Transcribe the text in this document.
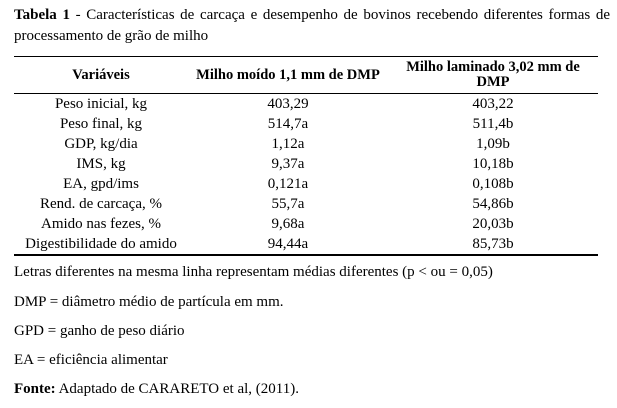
Tabela 1 - Características de carcaça e desempenho de bovinos recebendo diferentes formas de processamento de grão de milho
Variáveis	Milho moído 1,1 mm de DMP	Milho laminado 3,02 mm de DMP
Peso inicial, kg	403,29	403,22
Peso final, kg	514,7a	511,4b
GDP, kg/dia	1,12a	1,09b
IMS, kg	9,37a	10,18b
EA, gpd/ims	0,121a	0,108b
Rend. de carcaça, %	55,7a	54,86b
Amido nas fezes, %	9,68a	20,03b
Digestibilidade do amido	94,44a	85,73b
Letras diferentes na mesma linha representam médias diferentes (p < ou = 0,05)
DMP = diâmetro médio de partícula em mm.
GPD = ganho de peso diário
EA = eficiência alimentar
Fonte: Adaptado de CARARETO et al, (2011).
